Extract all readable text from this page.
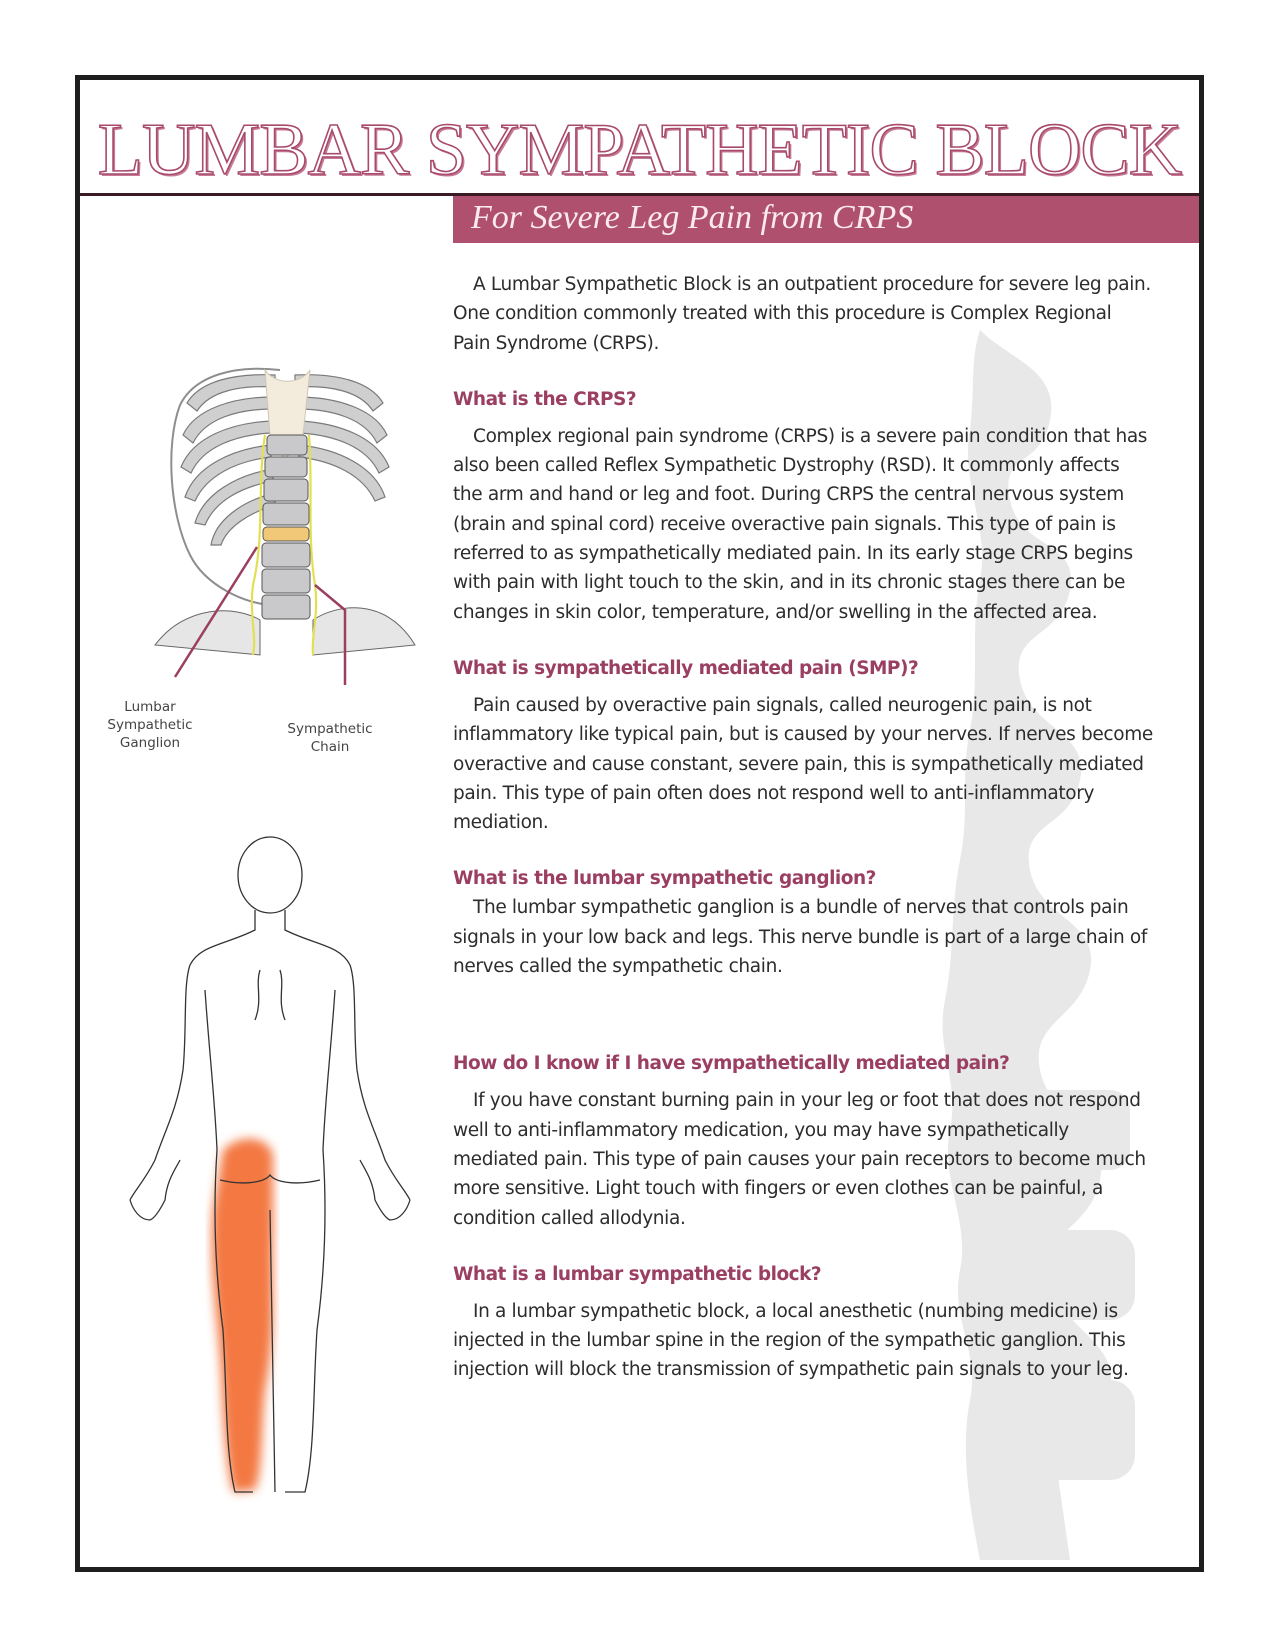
LUMBAR SYMPATHETIC BLOCK
For Severe Leg Pain from CRPS
Lumbar
Sympathetic
Ganglion
Sympathetic
Chain

A Lumbar Sympathetic Block is an outpatient procedure for severe leg pain. One condition commonly treated with this procedure is Complex Regional Pain Syndrome (CRPS).

What is the CRPS?

Complex regional pain syndrome (CRPS) is a severe pain condition that has also been called Reflex Sympathetic Dystrophy (RSD). It commonly affects the arm and hand or leg and foot. During CRPS the central nervous system (brain and spinal cord) receive overactive pain signals. This type of pain is referred to as sympathetically mediated pain. In its early stage CRPS begins with pain with light touch to the skin, and in its chronic stages there can be changes in skin color, temperature, and/or swelling in the affected area.

What is sympathetically mediated pain (SMP)?

Pain caused by overactive pain signals, called neurogenic pain, is not inflammatory like typical pain, but is caused by your nerves. If nerves become overactive and cause constant, severe pain, this is sympathetically mediated pain. This type of pain often does not respond well to anti-inflammatory mediation.

What is the lumbar sympathetic ganglion?

The lumbar sympathetic ganglion is a bundle of nerves that controls pain signals in your low back and legs. This nerve bundle is part of a large chain of nerves called the sympathetic chain.

How do I know if I have sympathetically mediated pain?

If you have constant burning pain in your leg or foot that does not respond well to anti-inflammatory medication, you may have sympathetically mediated pain. This type of pain causes your pain receptors to become much more sensitive. Light touch with fingers or even clothes can be painful, a condition called allodynia.

What is a lumbar sympathetic block?

In a lumbar sympathetic block, a local anesthetic (numbing medicine) is injected in the lumbar spine in the region of the sympathetic ganglion. This injection will block the transmission of sympathetic pain signals to your leg.
